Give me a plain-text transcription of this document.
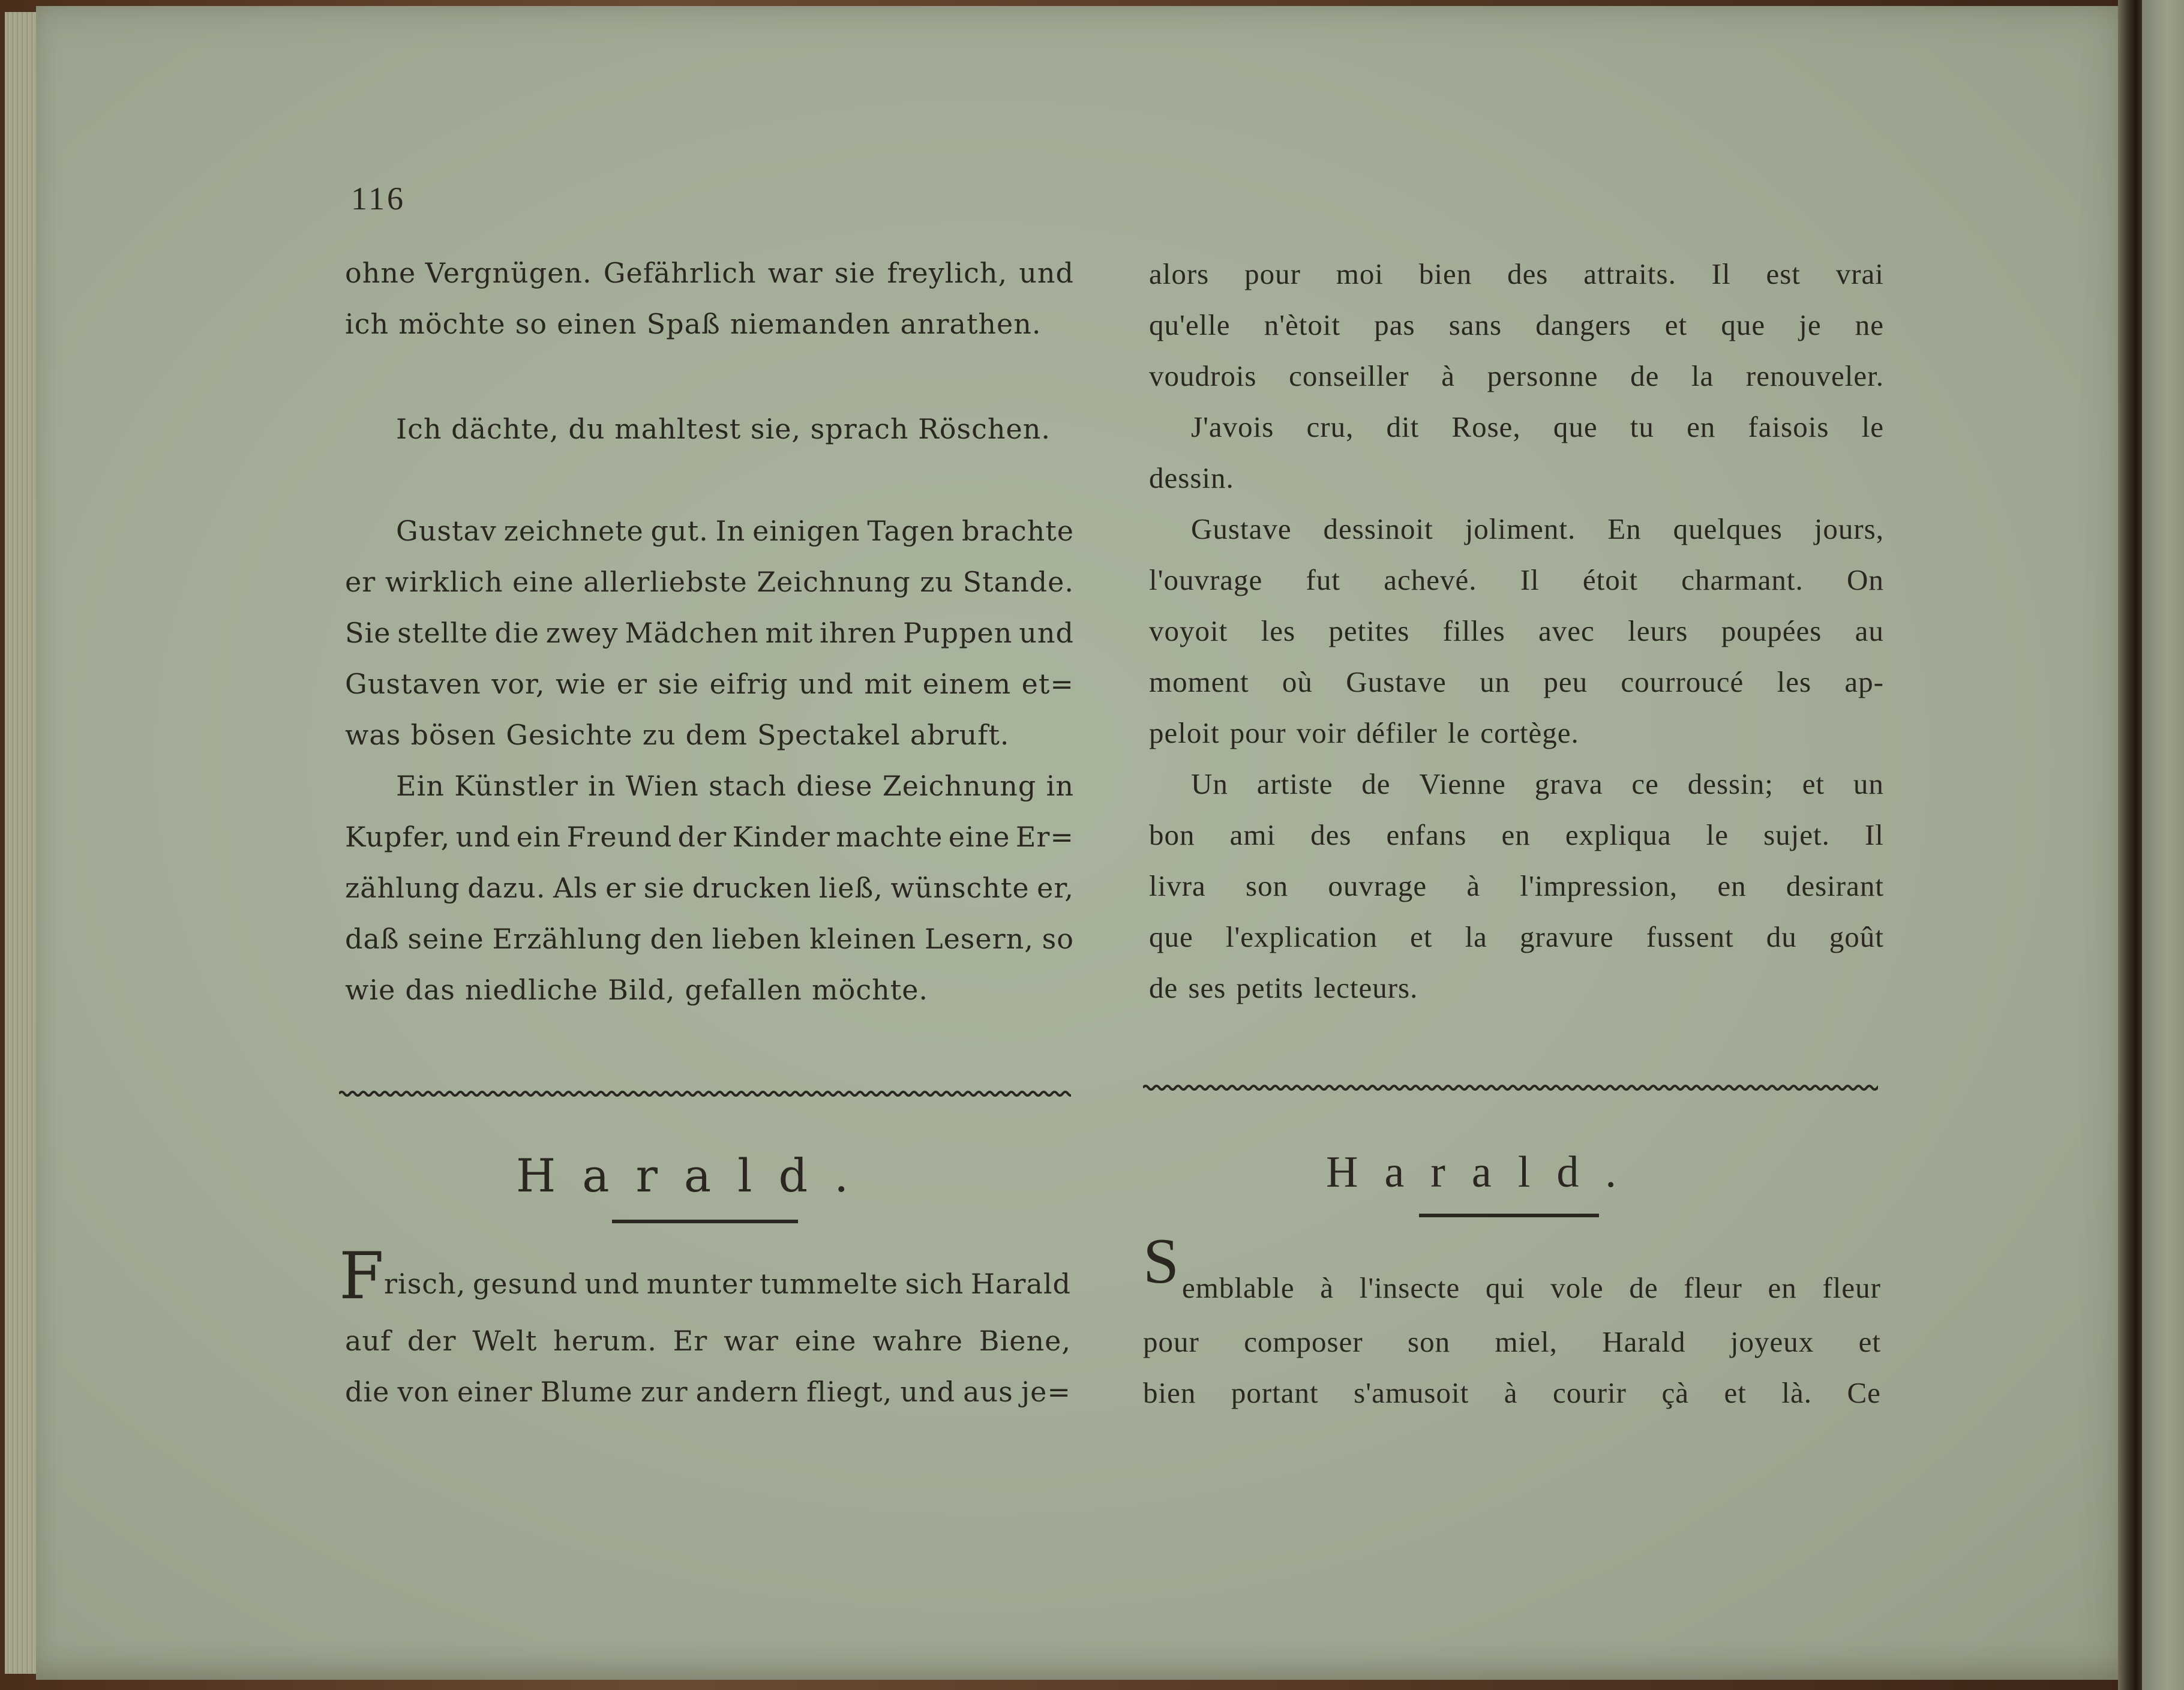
116
ohne Vergnügen. Gefährlich war sie freylich, und
ich möchte so einen Spaß niemanden anrathen.
Ich dächte, du mahltest sie, sprach Röschen.
Gustav zeichnete gut. In einigen Tagen brachte
er wirklich eine allerliebste Zeichnung zu Stande.
Sie stellte die zwey Mädchen mit ihren Puppen und
Gustaven vor, wie er sie eifrig und mit einem et=
was bösen Gesichte zu dem Spectakel abruft.
Ein Künstler in Wien stach diese Zeichnung in
Kupfer, und ein Freund der Kinder machte eine Er=
zählung dazu. Als er sie drucken ließ, wünschte er,
daß seine Erzählung den lieben kleinen Lesern, so
wie das niedliche Bild, gefallen möchte.
F risch, gesund und munter tummelte sich Harald
auf der Welt herum. Er war eine wahre Biene,
die von einer Blume zur andern fliegt, und aus je=
alors pour moi bien des attraits. Il est vrai
qu'elle n'ètoit pas sans dangers et que je ne
voudrois conseiller à personne de la renouveler.
J'avois cru, dit Rose, que tu en faisois le
dessin.
Gustave dessinoit joliment. En quelques jours,
l'ouvrage fut achevé. Il étoit charmant. On
voyoit les petites filles avec leurs poupées au
moment où Gustave un peu courroucé les ap-
peloit pour voir défiler le cortège.
Un artiste de Vienne grava ce dessin; et un
bon ami des enfans en expliqua le sujet. Il
livra son ouvrage à l'impression, en desirant
que l'explication et la gravure fussent du goût
de ses petits lecteurs.
S emblable à l'insecte qui vole de fleur en fleur
pour composer son miel, Harald joyeux et
bien portant s'amusoit à courir çà et là. Ce
Harald.	Harald.
